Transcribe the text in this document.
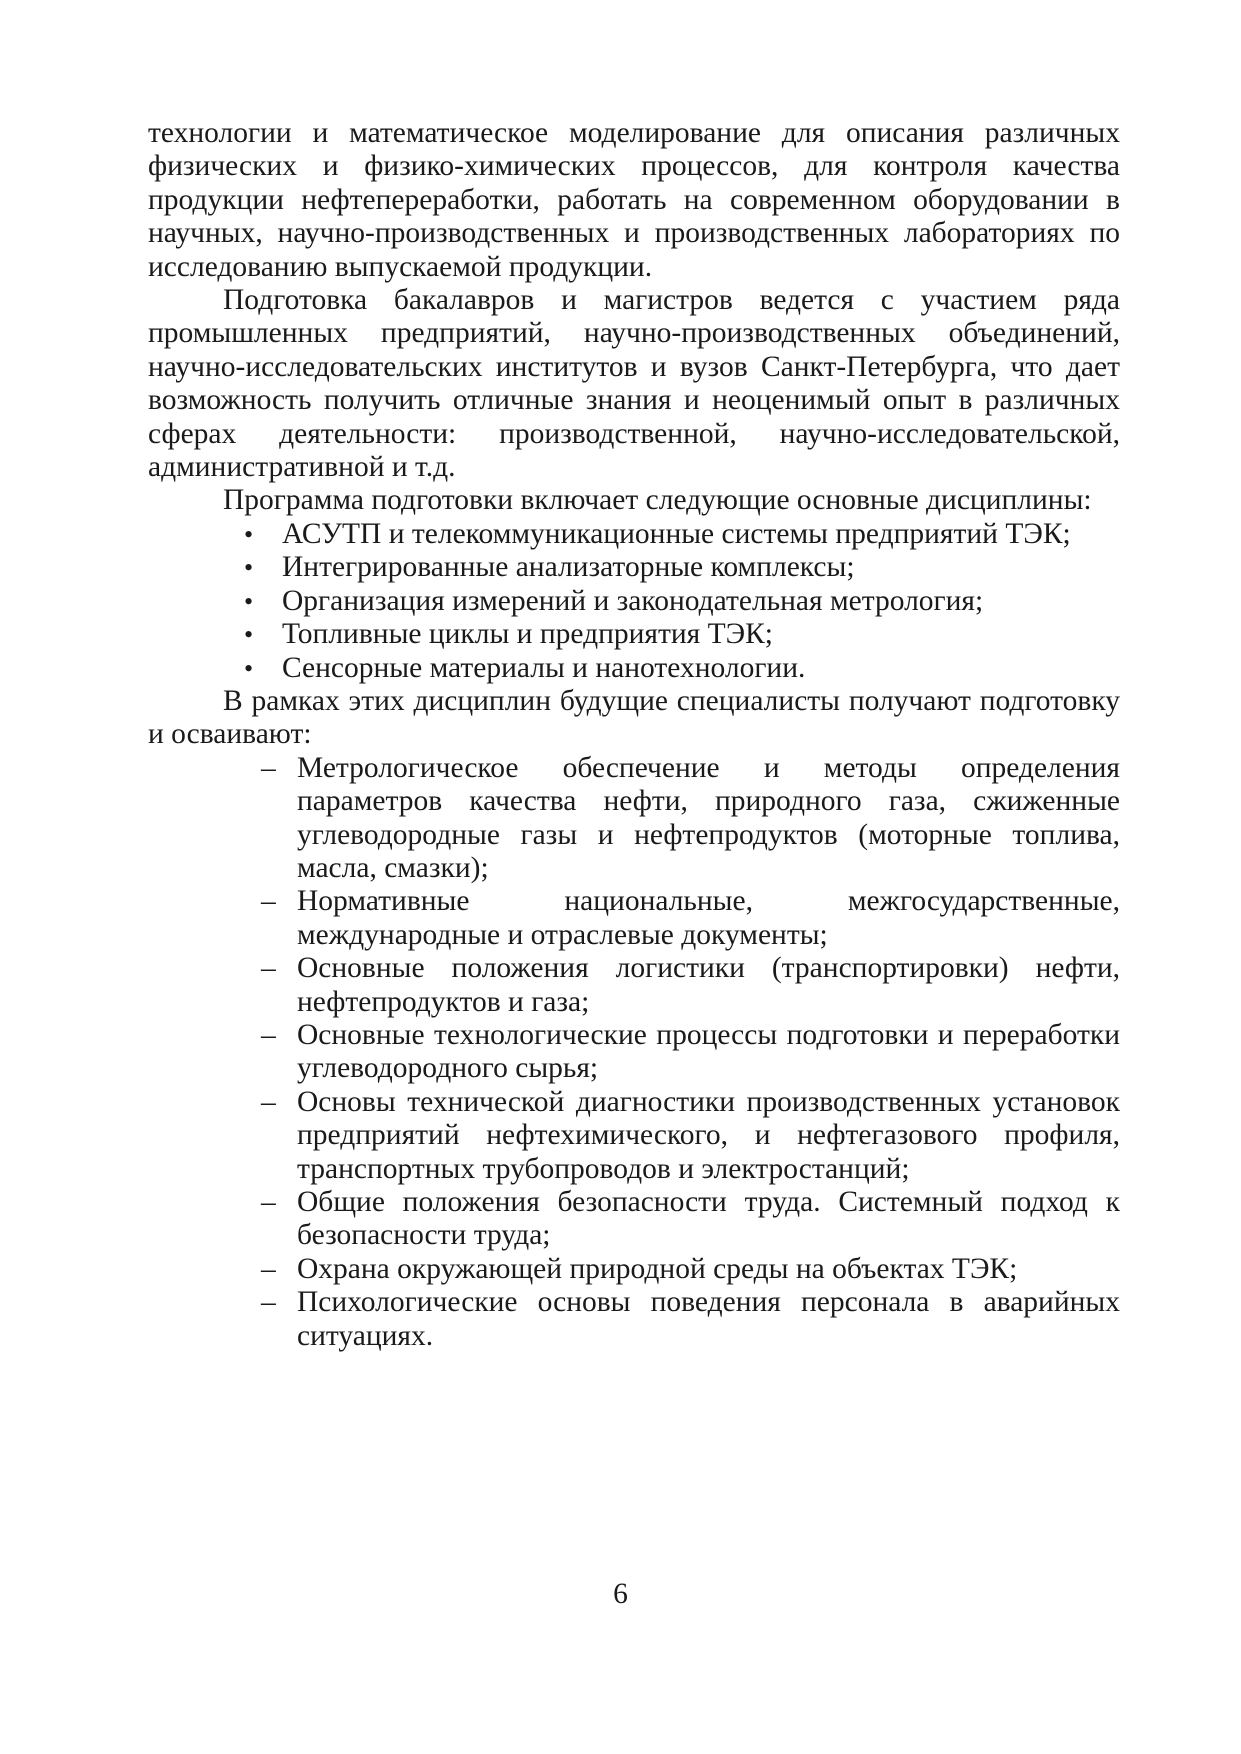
технологии и математическое моделирование для описания различных физических и физико-химических процессов, для контроля качества продукции нефтепереработки, работать на современном оборудовании в научных, научно-производственных и производственных лабораториях по исследованию выпускаемой продукции.

Подготовка бакалавров и магистров ведется с участием ряда промышленных предприятий, научно-производственных объединений, научно-исследовательских институтов и вузов Санкт-Петербурга, что дает возможность получить отличные знания и неоценимый опыт в различных сферах деятельности: производственной, научно-исследовательской, административной и т.д.

Программа подготовки включает следующие основные дисциплины:

• АСУТП и телекоммуникационные системы предприятий ТЭК;
• Интегрированные анализаторные комплексы;
• Организация измерений и законодательная метрология;
• Топливные циклы и предприятия ТЭК;
• Сенсорные материалы и нанотехнологии.

В рамках этих дисциплин будущие специалисты получают подготовку и осваивают:

– Метрологическое обеспечение и методы определения параметров качества нефти, природного газа, сжиженные углеводородные газы и нефтепродуктов (моторные топлива, масла, смазки);
– Нормативные национальные, межгосударственные, международные и отраслевые документы;
– Основные положения логистики (транспортировки) нефти, нефтепродуктов и газа;
– Основные технологические процессы подготовки и переработки углеводородного сырья;
– Основы технической диагностики производственных установок предприятий нефтехимического, и нефтегазового профиля, транспортных трубопроводов и электростанций;
– Общие положения безопасности труда. Системный подход к безопасности труда;
– Охрана окружающей природной среды на объектах ТЭК;
– Психологические основы поведения персонала в аварийных ситуациях.
6
